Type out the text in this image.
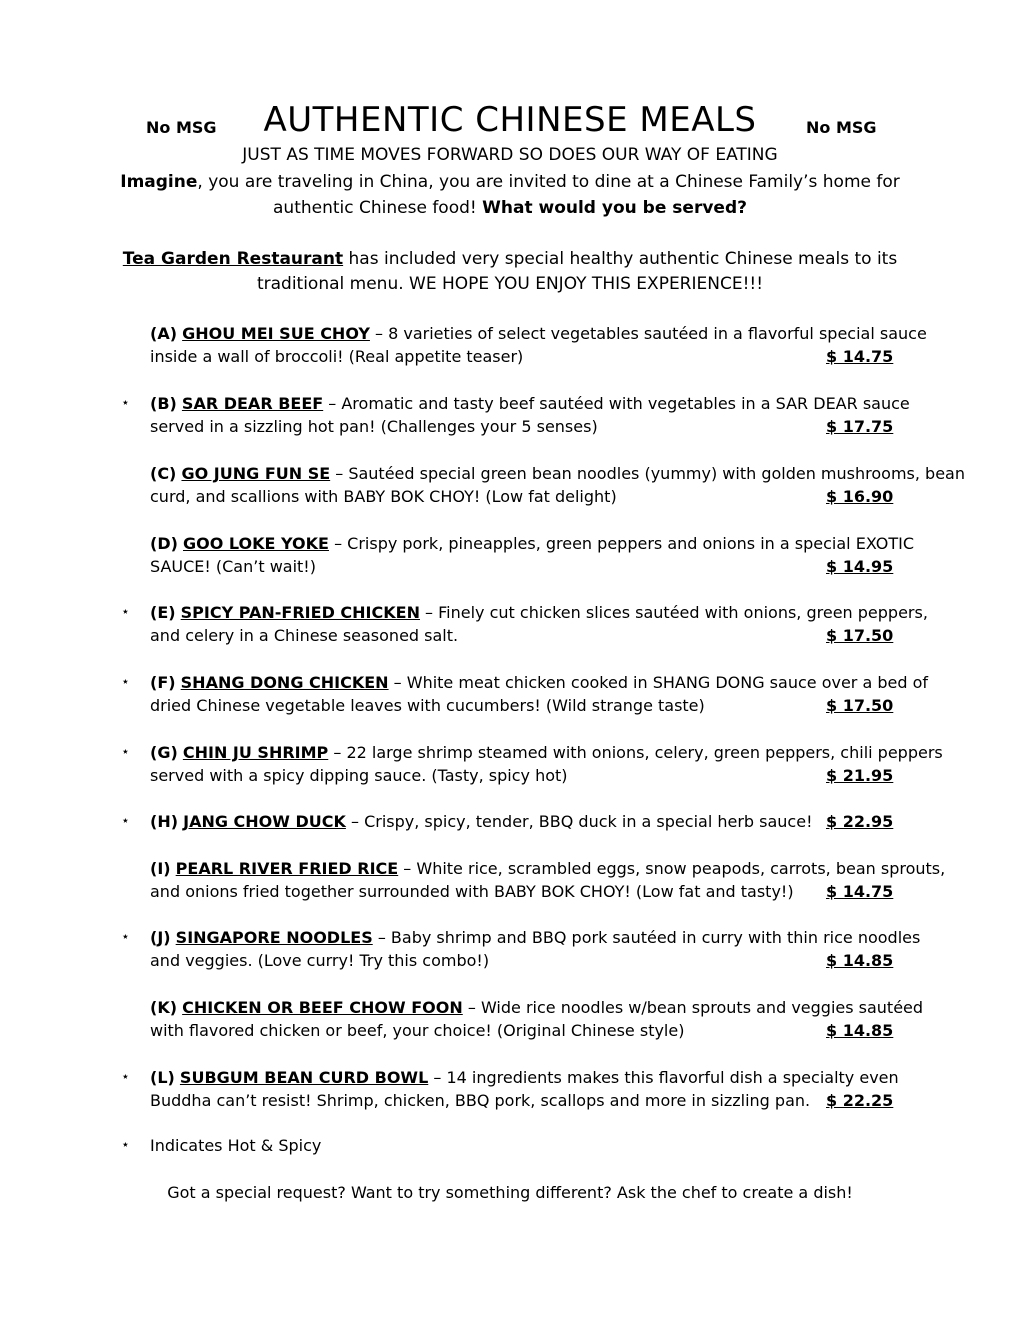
No MSG	AUTHENTIC CHINESE MEALS	No MSG
JUST AS TIME MOVES FORWARD SO DOES OUR WAY OF EATING
Imagine, you are traveling in China, you are invited to dine at a Chinese Family’s home for
authentic Chinese food! What would you be served?
Tea Garden Restaurant has included very special healthy authentic Chinese meals to its
traditional menu. WE HOPE YOU ENJOY THIS EXPERIENCE!!!
(A) GHOU MEI SUE CHOY – 8 varieties of select vegetables sautéed in a flavorful special sauce
inside a wall of broccoli! (Real appetite teaser)	$ 14.75
⋆ (B) SAR DEAR BEEF – Aromatic and tasty beef sautéed with vegetables in a SAR DEAR sauce
served in a sizzling hot pan! (Challenges your 5 senses)	$ 17.75
(C) GO JUNG FUN SE – Sautéed special green bean noodles (yummy) with golden mushrooms, bean
curd, and scallions with BABY BOK CHOY! (Low fat delight)	$ 16.90
(D) GOO LOKE YOKE – Crispy pork, pineapples, green peppers and onions in a special EXOTIC
SAUCE! (Can’t wait!)	$ 14.95
⋆ (E) SPICY PAN-FRIED CHICKEN – Finely cut chicken slices sautéed with onions, green peppers,
and celery in a Chinese seasoned salt.	$ 17.50
⋆ (F) SHANG DONG CHICKEN – White meat chicken cooked in SHANG DONG sauce over a bed of
dried Chinese vegetable leaves with cucumbers! (Wild strange taste)	$ 17.50
⋆ (G) CHIN JU SHRIMP – 22 large shrimp steamed with onions, celery, green peppers, chili peppers
served with a spicy dipping sauce. (Tasty, spicy hot)	$ 21.95
⋆ (H) JANG CHOW DUCK – Crispy, spicy, tender, BBQ duck in a special herb sauce! $ 22.95
(I) PEARL RIVER FRIED RICE – White rice, scrambled eggs, snow peapods, carrots, bean sprouts,
and onions fried together surrounded with BABY BOK CHOY! (Low fat and tasty!) $ 14.75
⋆ (J) SINGAPORE NOODLES – Baby shrimp and BBQ pork sautéed in curry with thin rice noodles
and veggies. (Love curry! Try this combo!)	$ 14.85
(K) CHICKEN OR BEEF CHOW FOON – Wide rice noodles w/bean sprouts and veggies sautéed
with flavored chicken or beef, your choice! (Original Chinese style)	$ 14.85
⋆ (L) SUBGUM BEAN CURD BOWL – 14 ingredients makes this flavorful dish a specialty even
Buddha can’t resist! Shrimp, chicken, BBQ pork, scallops and more in sizzling pan. $ 22.25
⋆ Indicates Hot & Spicy
Got a special request? Want to try something different? Ask the chef to create a dish!
